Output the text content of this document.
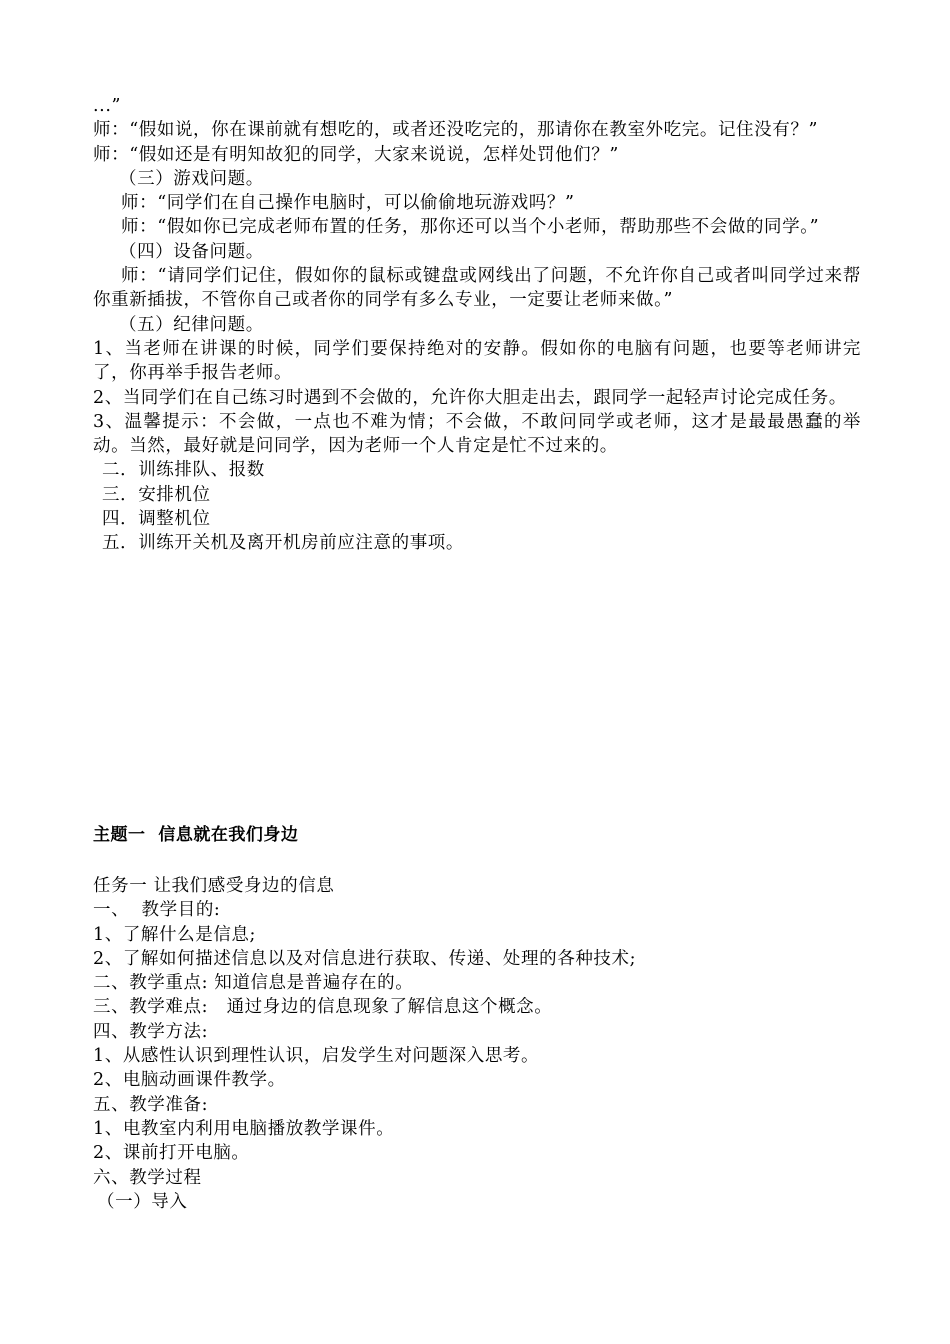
...”
师：“假如说，你在课前就有想吃的，或者还没吃完的，那请你在教室外吃完。记住没有？”
师：“假如还是有明知故犯的同学，大家来说说，怎样处罚他们？”
（三）游戏问题。
师：“同学们在自己操作电脑时，可以偷偷地玩游戏吗？”
师：“假如你已完成老师布置的任务，那你还可以当个小老师，帮助那些不会做的同学。”
（四）设备问题。
师：“请同学们记住，假如你的鼠标或键盘或网线出了问题，不允许你自己或者叫同学过来帮你重新插拔，不管你自己或者你的同学有多么专业，一定要让老师来做。”
（五）纪律问题。
1、当老师在讲课的时候，同学们要保持绝对的安静。假如你的电脑有问题，也要等老师讲完了，你再举手报告老师。
2、当同学们在自己练习时遇到不会做的，允许你大胆走出去，跟同学一起轻声讨论完成任务。
3、温馨提示：不会做，一点也不难为情；不会做，不敢问同学或老师，这才是最最愚蠢的举动。当然，最好就是问同学，因为老师一个人肯定是忙不过来的。
二．训练排队、报数
三．安排机位
四．调整机位
五．训练开关机及离开机房前应注意的事项。
主题一  信息就在我们身边
任务一 让我们感受身边的信息
一、  教学目的:
1、了解什么是信息;
2、了解如何描述信息以及对信息进行获取、传递、处理的各种技术;
二、教学重点: 知道信息是普遍存在的。
三、教学难点:   通过身边的信息现象了解信息这个概念。
四、教学方法:
1、从感性认识到理性认识，启发学生对问题深入思考。
2、电脑动画课件教学。
五、教学准备:
1、电教室内利用电脑播放教学课件。
2、课前打开电脑。
六、教学过程
（一）导入
